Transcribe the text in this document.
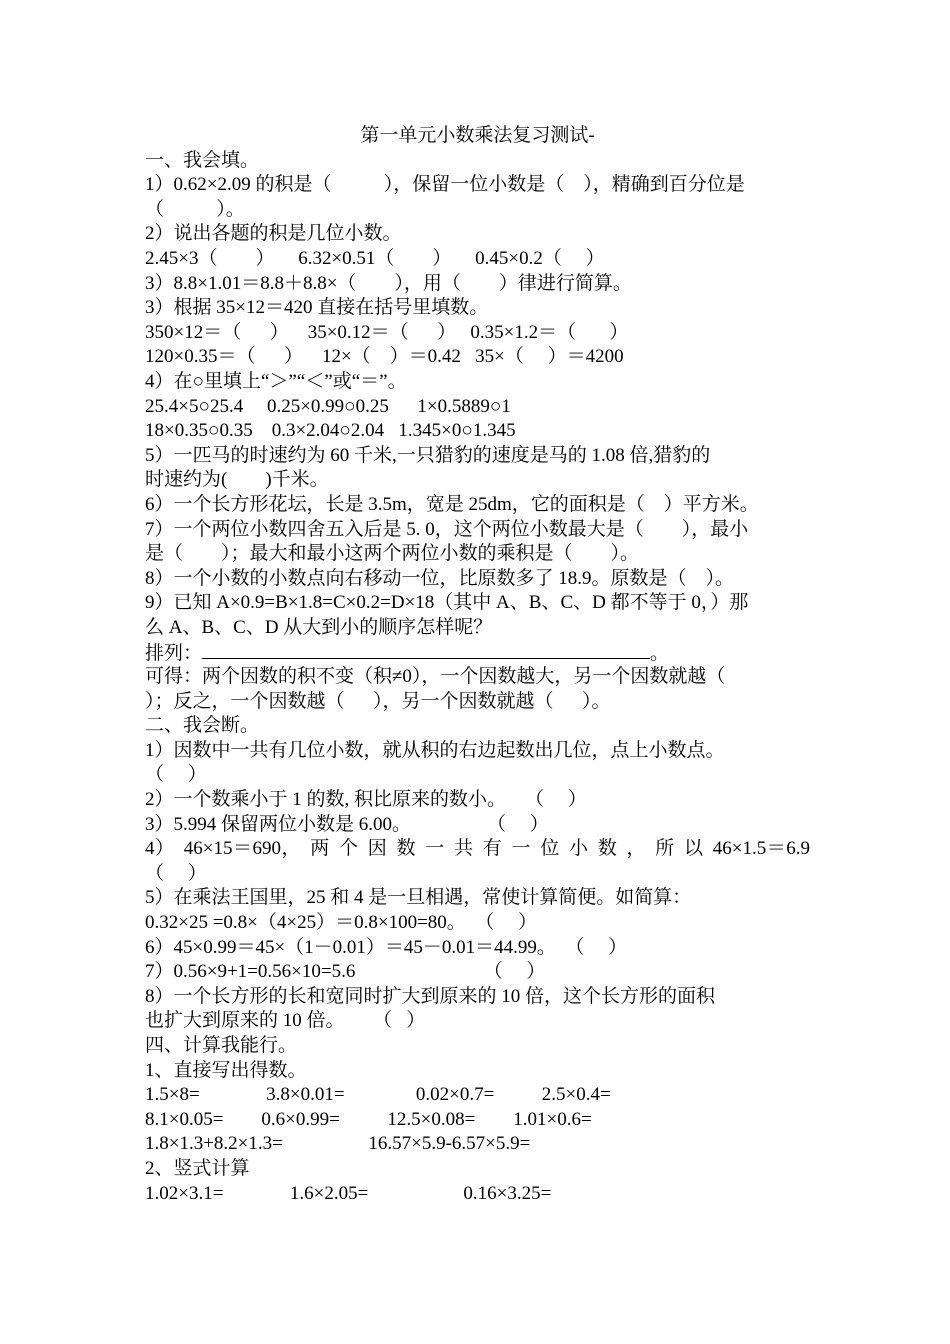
第一单元小数乘法复习测试-
一、我会填。
1）0.62×2.09 的积是（           ），保留一位小数是（    ），精确到百分位是
（           ）。
2）说出各题的积是几位小数。
2.45×3（        ）     6.32×0.51（        ）     0.45×0.2（     ）
3）8.8×1.01＝8.8＋8.8×（        ），用（        ）律进行简算。
3）根据 35×12＝420 直接在括号里填数。
350×12＝（      ）    35×0.12＝（      ）   0.35×1.2＝（       ）
120×0.35＝（      ）    12×（    ）＝0.42   35×（     ）＝4200
4）在○里填上“＞”“＜”或“＝”。
25.4×5○25.4     0.25×0.99○0.25      1×0.5889○1
18×0.35○0.35    0.3×2.04○2.04   1.345×0○1.345
5）一匹马的时速约为 60 千米,一只猎豹的速度是马的 1.08 倍,猎豹的
时速约为(        )千米。
6）一个长方形花坛，长是 3.5m，宽是 25dm，它的面积是（    ）平方米。
7）一个两位小数四舍五入后是 5. 0，这个两位小数最大是（        ），最小
是（        ）；最大和最小这两个两位小数的乘积是（        ）。
8）一个小数的小数点向右移动一位，比原数多了 18.9。原数是（    ）。
9）已知 A×0.9=B×1.8=C×0.2=D×18（其中 A、B、C、D 都不等于 0，）那
么 A、B、C、D 从大到小的顺序怎样呢？
排列：	。
可得：两个因数的积不变（积≠0），一个因数越大，另一个因数就越（
）；反之，一个因数越（      ），另一个因数就越（      ）。
二、我会断。
1）因数中一共有几位小数，就从积的右边起数出几位，点上小数点。
（     ）
2）一个数乘小于 1 的数, 积比原来的数小。    （     ）
3）5.994 保留两位小数是 6.00。                （     ）
4） 46×15＝690， 两 个 因 数 一 共 有 一 位 小 数 ， 所 以 46×1.5＝6.9
（     ）
5）在乘法王国里，25 和 4 是一旦相遇，常使计算简便。如简算：
0.32×25 =0.8×（4×25）＝0.8×100=80。  （     ）
6）45×0.99＝45×（1－0.01）＝45－0.01＝44.99。  （     ）
7）0.56×9+1=0.56×10=5.6                           （     ）
8）一个长方形的长和宽同时扩大到原来的 10 倍，这个长方形的面积
也扩大到原来的 10 倍。      （   ）
四、计算我能行。
1、直接写出得数。
1.5×8=              3.8×0.01=               0.02×0.7=          2.5×0.4=
8.1×0.05=        0.6×0.99=          12.5×0.08=        1.01×0.6=
1.8×1.3+8.2×1.3=                  16.57×5.9-6.57×5.9=
2、竖式计算
1.02×3.1=              1.6×2.05=                    0.16×3.25=
